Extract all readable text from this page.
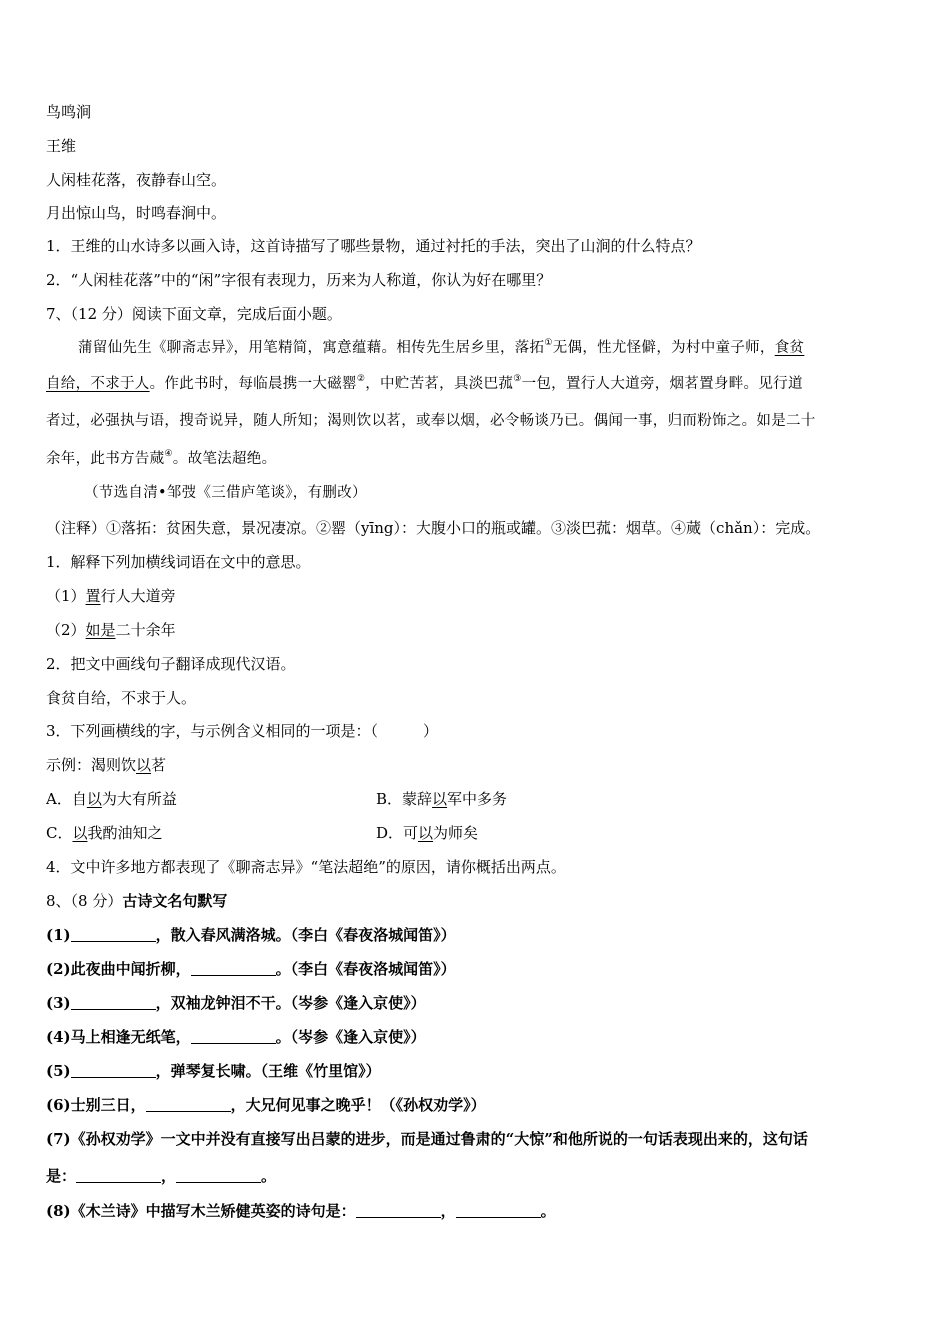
鸟鸣涧
王维
人闲桂花落，夜静春山空。
月出惊山鸟，时鸣春涧中。
1．王维的山水诗多以画入诗，这首诗描写了哪些景物，通过衬托的手法，突出了山涧的什么特点？
2．“人闲桂花落”中的“闲”字很有表现力，历来为人称道，你认为好在哪里？
7、（12 分）阅读下面文章，完成后面小题。
蒲留仙先生《聊斋志异》，用笔精简，寓意蕴藉。相传先生居乡里，落拓①无偶，性尤怪僻，为村中童子师，食贫
自给，不求于人。作此书时，每临晨携一大磁罂②，中贮苦茗，具淡巴菰③一包，置行人大道旁，烟茗置身畔。见行道
者过，必强执与语，搜奇说异，随人所知；渴则饮以茗，或奉以烟，必令畅谈乃已。偶闻一事，归而粉饰之。如是二十
余年，此书方告蒇④。故笔法超绝。
（节选自清•邹弢《三借庐笔谈》，有删改）
（注释）①落拓：贫困失意，景况凄凉。②罂（yīng）：大腹小口的瓶或罐。③淡巴菰：烟草。④蒇（chǎn）：完成。
1．解释下列加横线词语在文中的意思。
（1）置行人大道旁
（2）如是二十余年
2．把文中画线句子翻译成现代汉语。
食贫自给，不求于人。
3．下列画横线的字，与示例含义相同的一项是：（　　　）
示例：渴则饮以茗
A．自以为大有所益	B．蒙辞以军中多务
C．以我酌油知之	D．可以为师矣
4．文中许多地方都表现了《聊斋志异》“笔法超绝”的原因，请你概括出两点。
8、（8 分）古诗文名句默写
(1)	，散入春风满洛城。（李白《春夜洛城闻笛》）
(2)此夜曲中闻折柳，	。（李白《春夜洛城闻笛》）
(3)	，双袖龙钟泪不干。（岑参《逢入京使》）
(4)马上相逢无纸笔，	。（岑参《逢入京使》）
(5)	，弹琴复长啸。（王维《竹里馆》）
(6)士别三日，	，大兄何见事之晚乎！（《孙权劝学》）
(7)《孙权劝学》一文中并没有直接写出吕蒙的进步，而是通过鲁肃的“大惊”和他所说的一句话表现出来的，这句话
是：	，	。
(8)《木兰诗》中描写木兰矫健英姿的诗句是：	，	。
